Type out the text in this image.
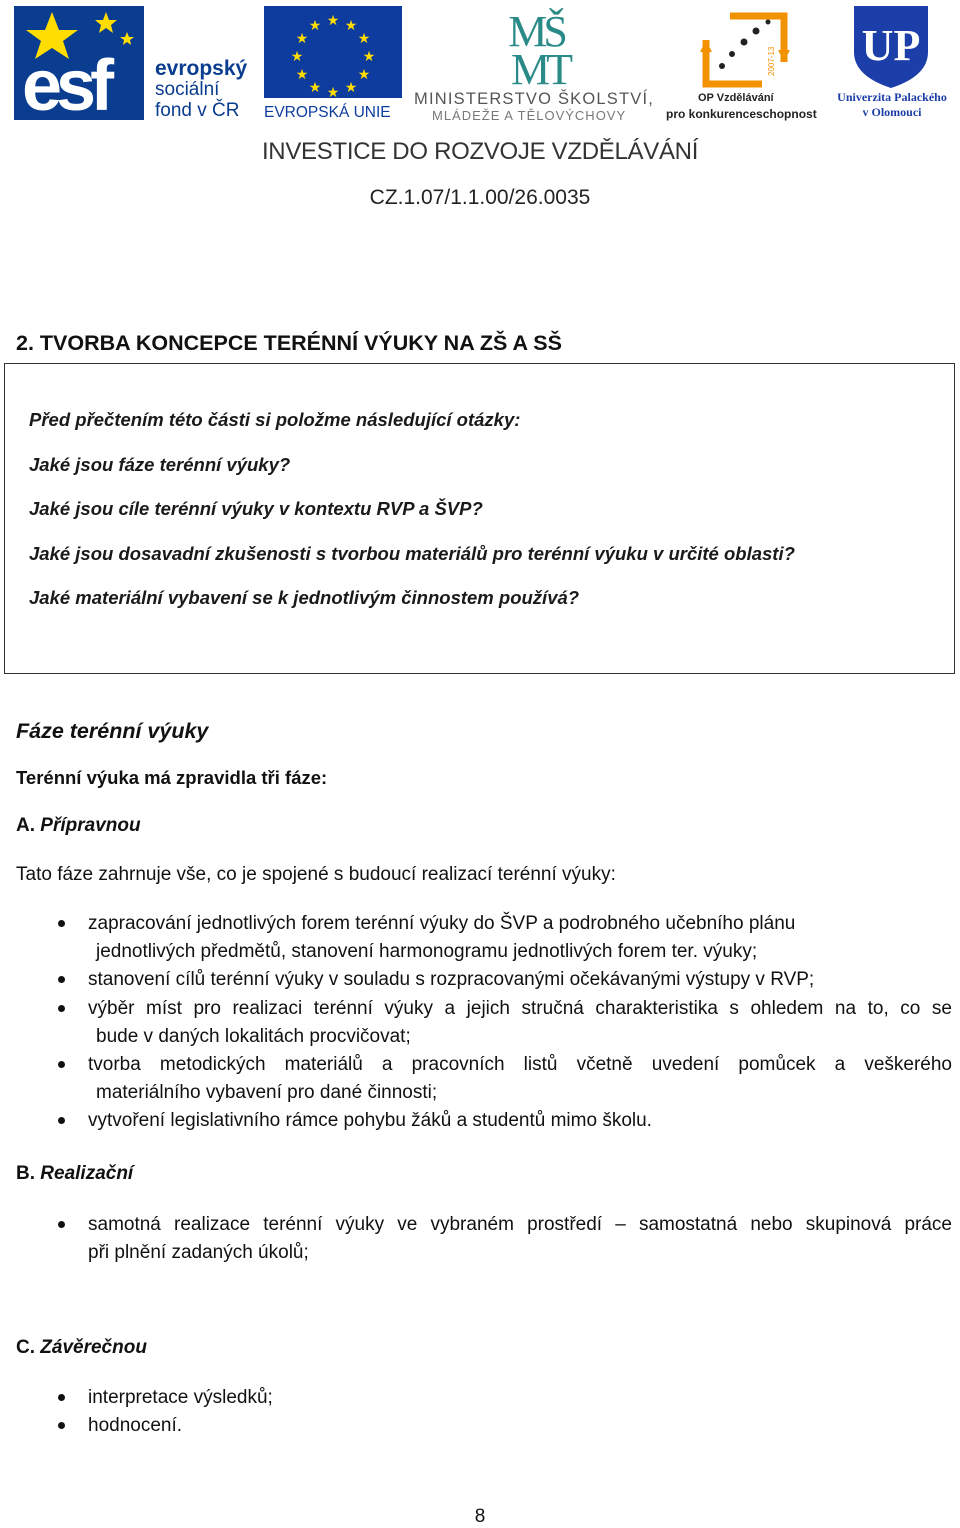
esf evropský
sociální
fond v ČR
★ ★
★
★
★
★
★
★
★
★
★
★
EVROPSKÁ UNIE
MŠ
MT
MINISTERSTVO ŠKOLSTVÍ,
MLÁDEŽE A TĚLOVÝCHOVY
2007-13
OP Vzdělávání
pro konkurenceschopnost
UP
Univerzita Palackého
v Olomouci
INVESTICE DO ROZVOJE VZDĚLÁVÁNÍ
CZ.1.07/1.1.00/26.0035
2. TVORBA KONCEPCE TERÉNNÍ VÝUKY NA ZŠ A SŠ
Před přečtením této části si položme následující otázky:
Jaké jsou fáze terénní výuky?
Jaké jsou cíle terénní výuky v kontextu RVP a ŠVP?
Jaké jsou dosavadní zkušenosti s tvorbou materiálů pro terénní výuku v určité oblasti?
Jaké materiální vybavení se k jednotlivým činnostem používá?
Fáze terénní výuky
Terénní výuka má zpravidla tři fáze:
A. Přípravnou
Tato fáze zahrnuje vše, co je spojené s budoucí realizací terénní výuky:
zapracování jednotlivých forem terénní výuky do ŠVP a podrobného učebního plánu
jednotlivých předmětů, stanovení harmonogramu jednotlivých forem ter. výuky;
stanovení cílů terénní výuky v souladu s rozpracovanými očekávanými výstupy v RVP;
výběr míst pro realizaci terénní výuky a jejich stručná charakteristika s ohledem na to, co se
bude v daných lokalitách procvičovat;
tvorba metodických materiálů a pracovních listů včetně uvedení pomůcek a veškerého
materiálního vybavení pro dané činnosti;
vytvoření legislativního rámce pohybu žáků a studentů mimo školu.
B. Realizační
samotná realizace terénní výuky ve vybraném prostředí – samostatná nebo skupinová práce
při plnění zadaných úkolů;
C. Závěrečnou
interpretace výsledků;
hodnocení.
8
